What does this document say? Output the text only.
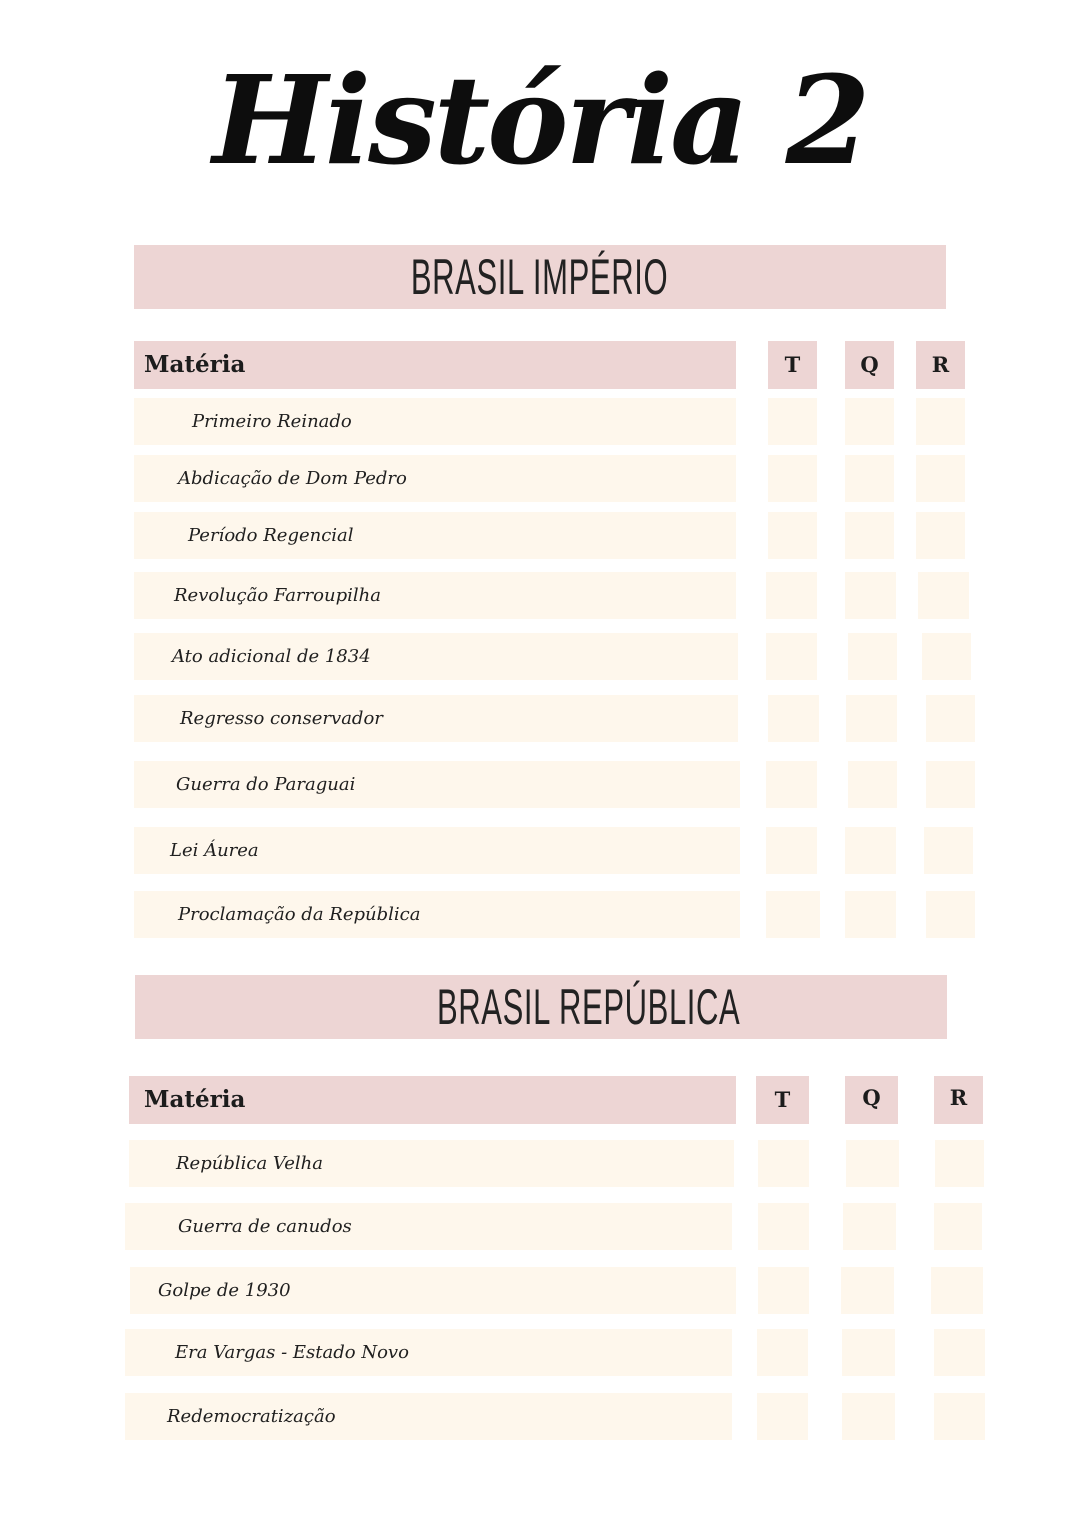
História 2
BRASIL IMPÉRIO
Matéria	T	Q	R
Primeiro Reinado
Abdicação de Dom Pedro
Período Regencial
Revolução Farroupilha
Ato adicional de 1834
Regresso conservador
Guerra do Paraguai
Lei Áurea
Proclamação da República
BRASIL REPÚBLICA
Matéria	T	Q	R
República Velha
Guerra de canudos
Golpe de 1930
Era Vargas - Estado Novo
Redemocratização
